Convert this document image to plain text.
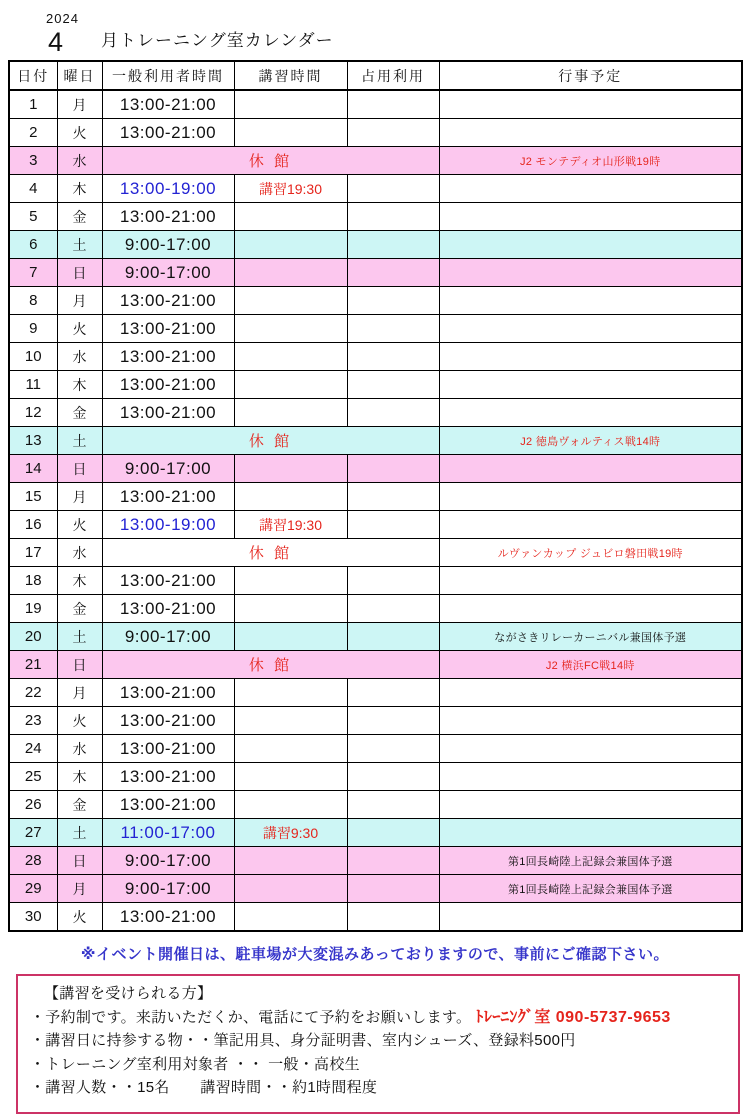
2024
4	月トレーニング室カレンダー
日付	曜日	一般利用者時間	講習時間	占用利用	行事予定
1	月	13:00-21:00			
2	火	13:00-21:00			
3	水	休 館			J2 モンテディオ山形戦19時
4	木	13:00-19:00	講習19:30		
5	金	13:00-21:00			
6	土	9:00-17:00			
7	日	9:00-17:00			
8	月	13:00-21:00			
9	火	13:00-21:00			
10	水	13:00-21:00			
11	木	13:00-21:00			
12	金	13:00-21:00			
13	土	休 館			J2 徳島ヴォルティス戦14時
14	日	9:00-17:00			
15	月	13:00-21:00			
16	火	13:00-19:00	講習19:30		
17	水	休 館			ルヴァンカップ ジュビロ磐田戦19時
18	木	13:00-21:00			
19	金	13:00-21:00			
20	土	9:00-17:00			ながさきリレーカーニバル兼国体予選
21	日	休 館			J2 横浜FC戦14時
22	月	13:00-21:00			
23	火	13:00-21:00			
24	水	13:00-21:00			
25	木	13:00-21:00			
26	金	13:00-21:00			
27	土	11:00-17:00	講習9:30		
28	日	9:00-17:00			第1回長崎陸上記録会兼国体予選
29	月	9:00-17:00			第1回長崎陸上記録会兼国体予選
30	火	13:00-21:00			
※イベント開催日は、駐車場が大変混みあっておりますので、事前にご確認下さい。
【講習を受けられる方】
・予約制です。来訪いただくか、電話にて予約をお願いします。 ﾄﾚｰﾆﾝｸﾞ室 090-5737-9653
・講習日に持参する物・・筆記用具、身分証明書、室内シューズ、登録料500円
・トレーニング室利用対象者 ・・ 一般・高校生
・講習人数・・15名　　講習時間・・約1時間程度
